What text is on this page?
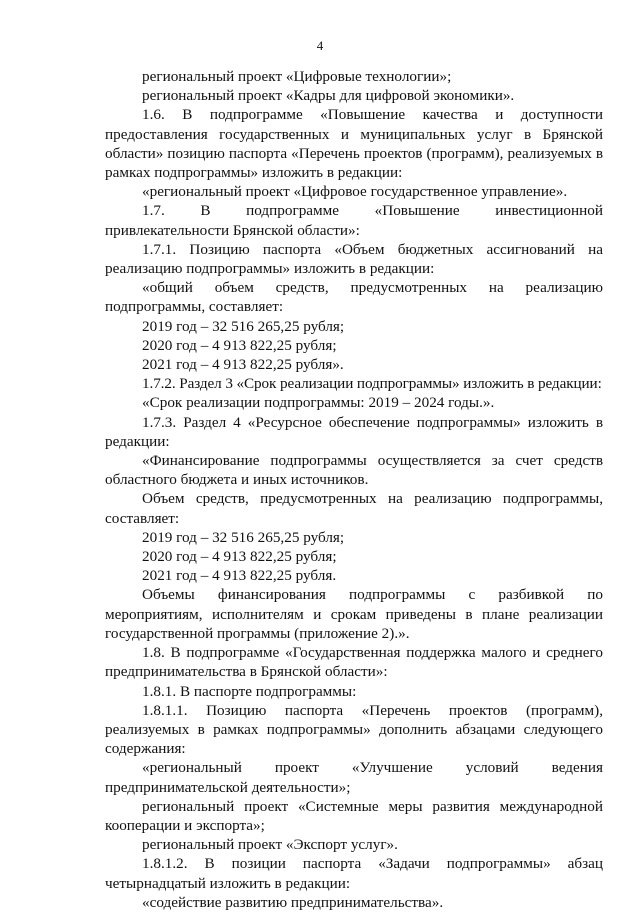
4

региональный проект «Цифровые технологии»;

региональный проект «Кадры для цифровой экономики».

1.6. В подпрограмме «Повышение качества и доступности предоставления государственных и муниципальных услуг в Брянской области» позицию паспорта «Перечень проектов (программ), реализуемых в рамках подпрограммы» изложить в редакции:

«региональный проект «Цифровое государственное управление».

1.7. В подпрограмме «Повышение инвестиционной привлекательности Брянской области»:

1.7.1. Позицию паспорта «Объем бюджетных ассигнований на реализацию подпрограммы» изложить в редакции:

«общий объем средств, предусмотренных на реализацию подпрограммы, составляет:

2019 год – 32 516 265,25 рубля;

2020 год – 4 913 822,25 рубля;

2021 год – 4 913 822,25 рубля».

1.7.2. Раздел 3 «Срок реализации подпрограммы» изложить в редакции:

«Срок реализации подпрограммы: 2019 – 2024 годы.».

1.7.3. Раздел 4 «Ресурсное обеспечение подпрограммы» изложить в редакции:

«Финансирование подпрограммы осуществляется за счет средств областного бюджета и иных источников.

Объем средств, предусмотренных на реализацию подпрограммы, составляет:

2019 год – 32 516 265,25 рубля;

2020 год – 4 913 822,25 рубля;

2021 год – 4 913 822,25 рубля.

Объемы финансирования подпрограммы с разбивкой по мероприятиям, исполнителям и срокам приведены в плане реализации государственной программы (приложение 2).».

1.8. В подпрограмме «Государственная поддержка малого и среднего предпринимательства в Брянской области»:

1.8.1. В паспорте подпрограммы:

1.8.1.1. Позицию паспорта «Перечень проектов (программ), реализуемых в рамках подпрограммы» дополнить абзацами следующего содержания:

«региональный проект «Улучшение условий ведения предпринимательской деятельности»;

региональный проект «Системные меры развития международной кооперации и экспорта»;

региональный проект «Экспорт услуг».

1.8.1.2. В позиции паспорта «Задачи подпрограммы» абзац четырнадцатый изложить в редакции:

«содействие развитию предпринимательства».
